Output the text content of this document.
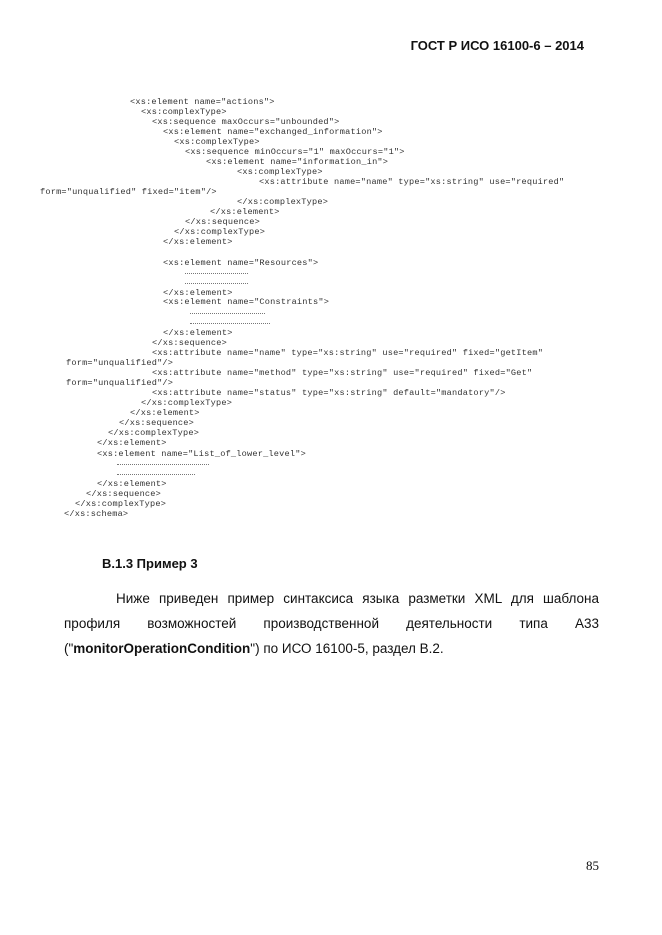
ГОСТ Р ИСО 16100-6 – 2014
<xs:element name="actions">
<xs:complexType>
<xs:sequence maxOccurs="unbounded">
<xs:element name="exchanged_information">
<xs:complexType>
<xs:sequence minOccurs="1" maxOccurs="1">
<xs:element name="information_in">
<xs:complexType>
<xs:attribute name="name" type="xs:string" use="required"
form="unqualified" fixed="item"/>
</xs:complexType>
</xs:element>
</xs:sequence>
</xs:complexType>
</xs:element>
<xs:element name="Resources">
</xs:element>
<xs:element name="Constraints">
</xs:element>
</xs:sequence>
<xs:attribute name="name" type="xs:string" use="required" fixed="getItem"
form="unqualified"/>
<xs:attribute name="method" type="xs:string" use="required" fixed="Get"
form="unqualified"/>
<xs:attribute name="status" type="xs:string" default="mandatory"/>
</xs:complexType>
</xs:element>
</xs:sequence>
</xs:complexType>
</xs:element>
<xs:element name="List_of_lower_level">
</xs:element>
</xs:sequence>
</xs:complexType>
</xs:schema>
B.1.3 Пример 3
Ниже приведен пример синтаксиса языка разметки XML для шаблона профиля возможностей производственной деятельности типа A33 ("monitorOperationCondition") по ИСО 16100-5, раздел B.2.
85
